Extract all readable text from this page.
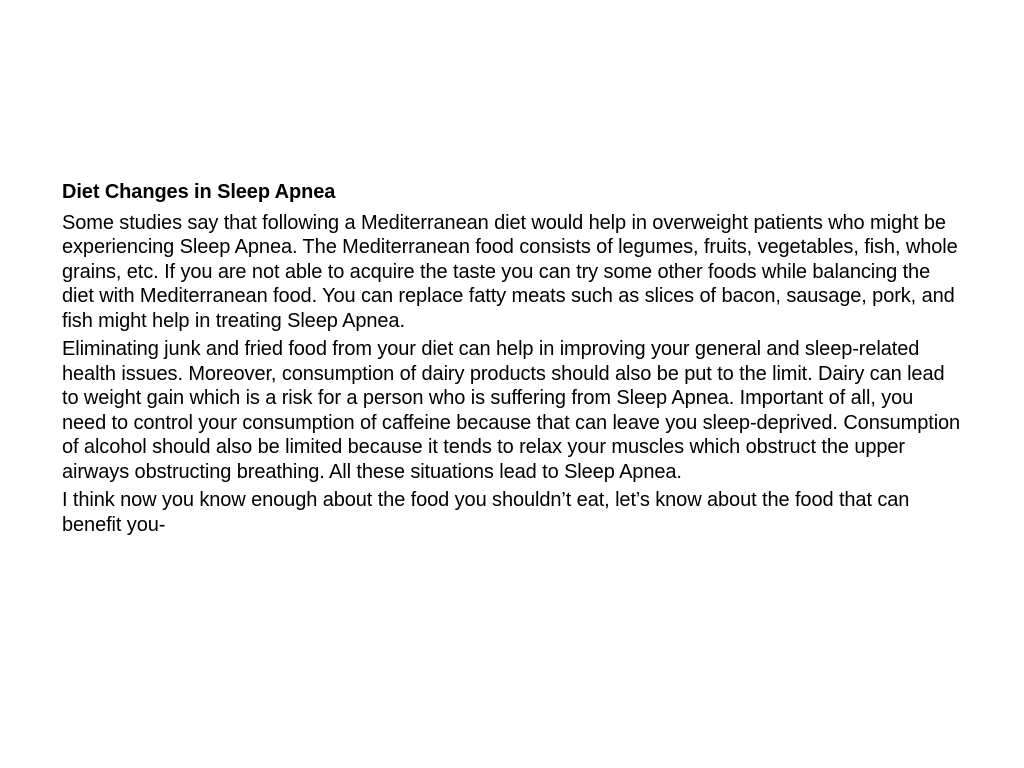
Diet Changes in Sleep Apnea
Some studies say that following a Mediterranean diet would help in overweight patients who might be experiencing Sleep Apnea. The Mediterranean food consists of legumes, fruits, vegetables, fish, whole grains, etc. If you are not able to acquire the taste you can try some other foods while balancing the diet with Mediterranean food. You can replace fatty meats such as slices of bacon, sausage, pork, and fish might help in treating Sleep Apnea.
Eliminating junk and fried food from your diet can help in improving your general and sleep-related health issues. Moreover, consumption of dairy products should also be put to the limit. Dairy can lead to weight gain which is a risk for a person who is suffering from Sleep Apnea. Important of all, you need to control your consumption of caffeine because that can leave you sleep-deprived. Consumption of alcohol should also be limited because it tends to relax your muscles which obstruct the upper airways obstructing breathing. All these situations lead to Sleep Apnea.
I think now you know enough about the food you shouldn’t eat, let’s know about the food that can benefit you-
